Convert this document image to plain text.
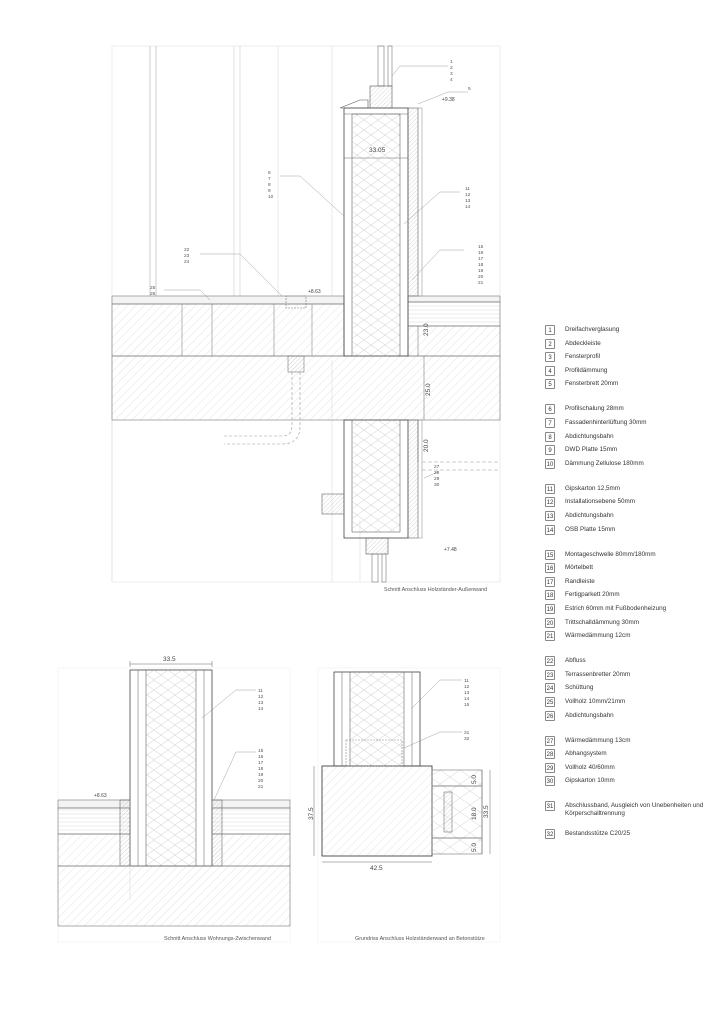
33.05
23.0
25.0
20.0
+9.38
+8.63
+7.48
1
2
3
4
5
6
7
8
9
10
11
12
13
14
15
16
17
18
19
20
21
22
23
24
25
26
27
28
29
30
33.5
+8.63
11
12
13
14
15
16
17
18
19
20
21
37.5
42.5
5.0
18.0
5.0
33.5
11
12
13
14
15
31
32
Schnitt Anschluss Holzständer-Außenwand
Schnitt Anschluss Wohnungs-Zwischenwand	Grundriss Anschluss Holzständerwand an Betonstütze
1	Dreifachverglasung
2	Abdeckleiste
3	Fensterprofil
4	Profildämmung
5	Fensterbrett 20mm
6	Profilschalung 28mm
7	Fassadenhinterlüftung 30mm
8	Abdichtungsbahn
9	DWD Platte 15mm
10 Dämmung Zellulose 180mm
11	Gipskarton 12,5mm
12 Installationsebene 50mm
13 Abdichtungsbahn
14 OSB Platte 15mm
15 Montageschwelle 80mm/180mm
16 Mörtelbett
17 Randleiste
18 Fertigparkett 20mm
19 Estrich 60mm mit Fußbodenheizung
20 Trittschalldämmung 30mm
21 Wärmedämmung 12cm
22 Abfluss
23 Terrassenbretter 20mm
24 Schüttung
25 Vollholz 10mm/21mm
26 Abdichtungsbahn
27 Wärmedämmung 13cm
28 Abhangsystem
29 Vollholz 40/60mm
30 Gipskarton 10mm
31 Abschlussband, Ausgleich von Unebenheiten und Körperschalltrennung
32 Bestandsstütze C20/25
